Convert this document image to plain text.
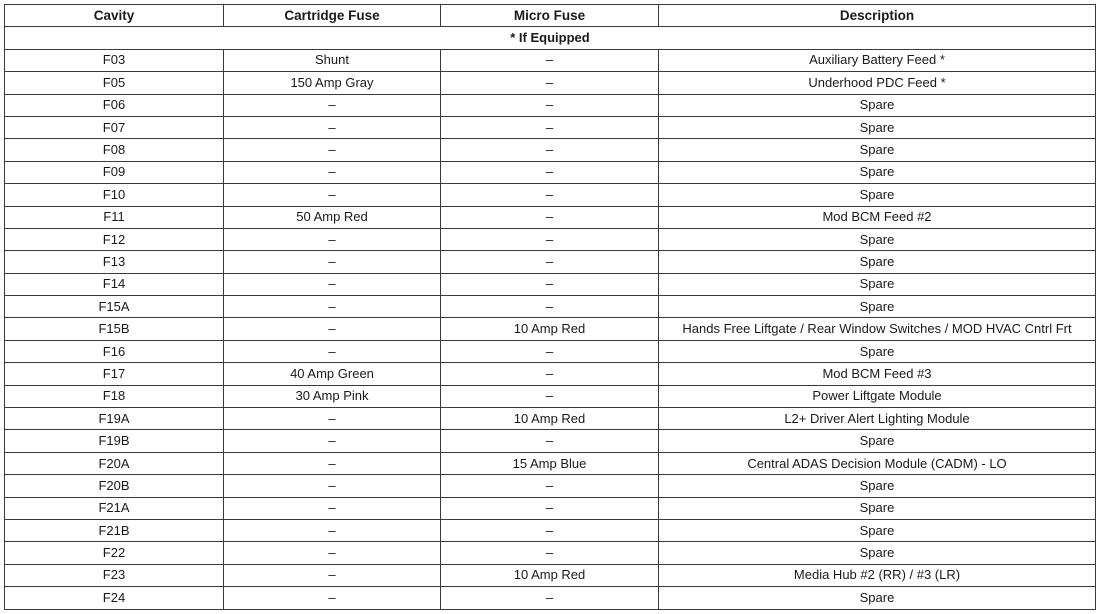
Cavity	Cartridge Fuse	Micro Fuse	Description
* If Equipped			
F03	Shunt	–	Auxiliary Battery Feed *
F05	150 Amp Gray	–	Underhood PDC Feed *
F06	–	–	Spare
F07	–	–	Spare
F08	–	–	Spare
F09	–	–	Spare
F10	–	–	Spare
F11	50 Amp Red	–	Mod BCM Feed #2
F12	–	–	Spare
F13	–	–	Spare
F14	–	–	Spare
F15A	–	–	Spare
F15B	–	10 Amp Red	Hands Free Liftgate / Rear Window Switches / MOD HVAC Cntrl Frt
F16	–	–	Spare
F17	40 Amp Green	–	Mod BCM Feed #3
F18	30 Amp Pink	–	Power Liftgate Module
F19A	–	10 Amp Red	L2+ Driver Alert Lighting Module
F19B	–	–	Spare
F20A	–	15 Amp Blue	Central ADAS Decision Module (CADM) - LO
F20B	–	–	Spare
F21A	–	–	Spare
F21B	–	–	Spare
F22	–	–	Spare
F23	–	10 Amp Red	Media Hub #2 (RR) / #3 (LR)
F24	–	–	Spare
